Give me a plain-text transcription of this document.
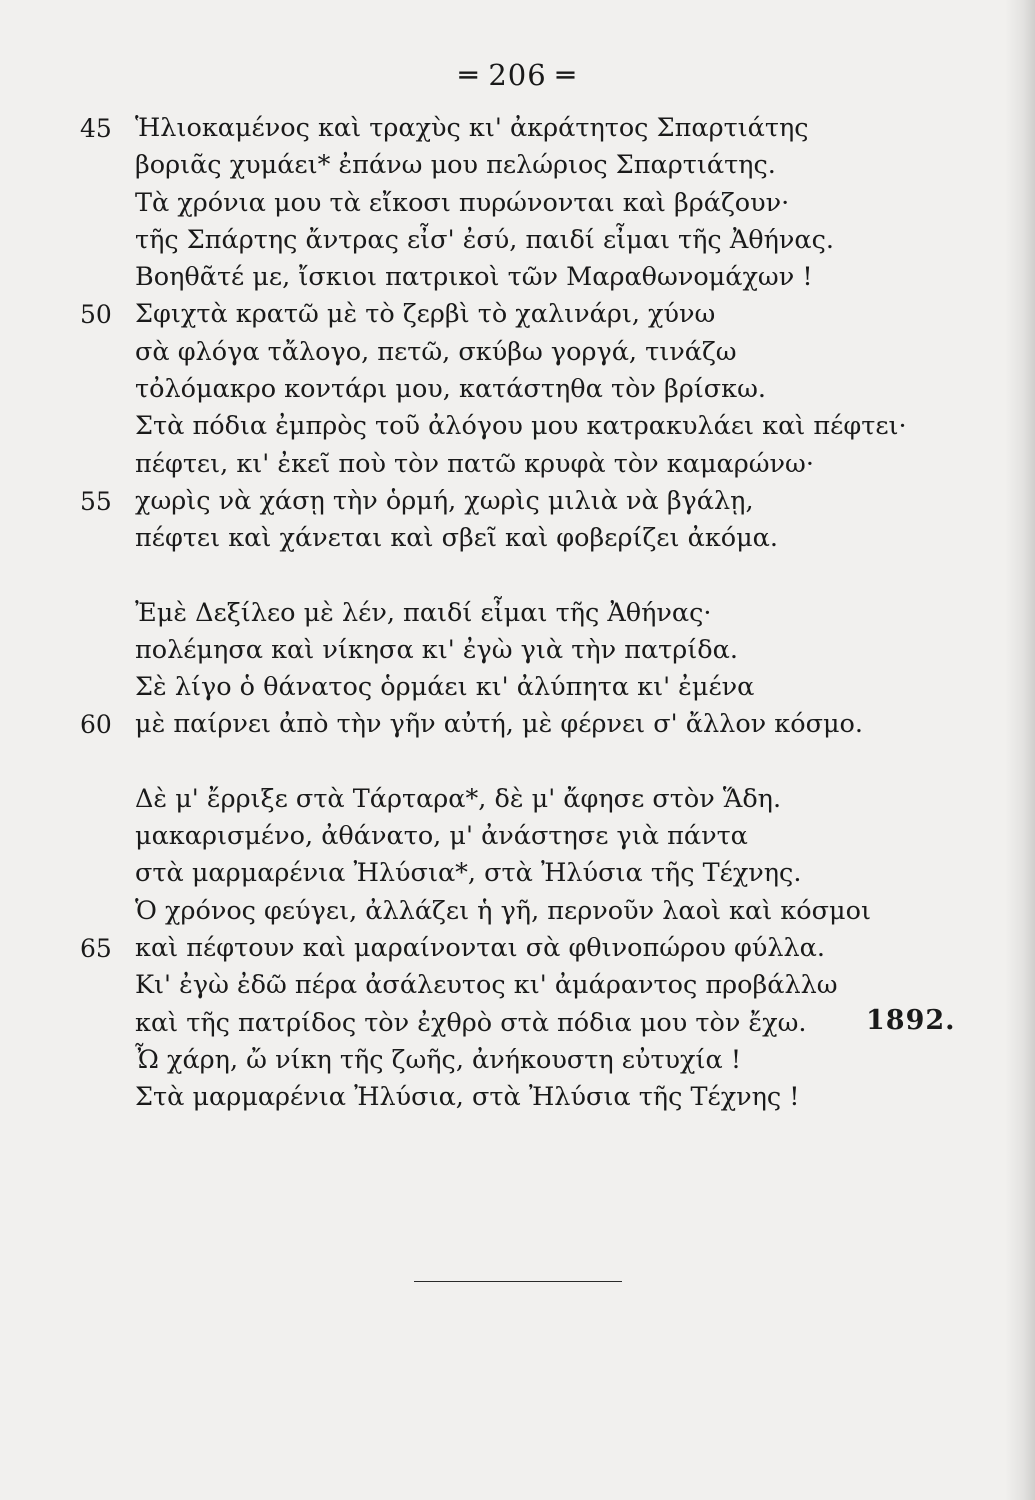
═ 206 ═
45 Ἡλιοκαμένος καὶ τραχὺς κι' ἀκράτητος Σπαρτιάτης
βοριᾶς χυμάει* ἐπάνω μου πελώριος Σπαρτιάτης.
Τὰ χρόνια μου τὰ εἴκοσι πυρώνονται καὶ βράζουν·
τῆς Σπάρτης ἄντρας εἶσ' ἐσύ, παιδί εἶμαι τῆς Ἀθήνας.
Βοηθᾶτέ με, ἴσκιοι πατρικοὶ τῶν Μαραθωνομάχων !
50 Σφιχτὰ κρατῶ μὲ τὸ ζερβὶ τὸ χαλινάρι, χύνω
σὰ φλόγα τἄλογο, πετῶ, σκύβω γοργά, τινάζω
τὀλόμακρο κοντάρι μου, κατάστηθα τὸν βρίσκω.
Στὰ πόδια ἐμπρὸς τοῦ ἀλόγου μου κατρακυλάει καὶ πέφτει·
πέφτει, κι' ἐκεῖ ποὺ τὸν πατῶ κρυφὰ τὸν καμαρώνω·
55 χωρὶς νὰ χάσῃ τὴν ὁρμή, χωρὶς μιλιὰ νὰ βγάλῃ,
πέφτει καὶ χάνεται καὶ σβεῖ καὶ φοβερίζει ἀκόμα.
Ἐμὲ Δεξίλεο μὲ λέν, παιδί εἶμαι τῆς Ἀθήνας·
πολέμησα καὶ νίκησα κι' ἐγὼ γιὰ τὴν πατρίδα.
Σὲ λίγο ὁ θάνατος ὁρμάει κι' ἀλύπητα κι' ἐμένα
60 μὲ παίρνει ἀπὸ τὴν γῆν αὐτή, μὲ φέρνει σ' ἄλλον κόσμο.
Δὲ μ' ἔρριξε στὰ Τάρταρα*, δὲ μ' ἄφησε στὸν Ἅδη.
μακαρισμένο, ἀθάνατο, μ' ἀνάστησε γιὰ πάντα
στὰ μαρμαρένια Ἠλύσια*, στὰ Ἠλύσια τῆς Τέχνης.
Ὁ χρόνος φεύγει, ἀλλάζει ἡ γῆ, περνοῦν λαοὶ καὶ κόσμοι
65 καὶ πέφτουν καὶ μαραίνονται σὰ φθινοπώρου φύλλα.
Κι' ἐγὼ ἐδῶ πέρα ἀσάλευτος κι' ἀμάραντος προβάλλω
καὶ τῆς πατρίδος τὸν ἐχθρὸ στὰ πόδια μου τὸν ἔχω.
Ὦ χάρη, ὤ νίκη τῆς ζωῆς, ἀνήκουστη εὐτυχία !
Στὰ μαρμαρένια Ἠλύσια, στὰ Ἠλύσια τῆς Τέχνης !
1892.
